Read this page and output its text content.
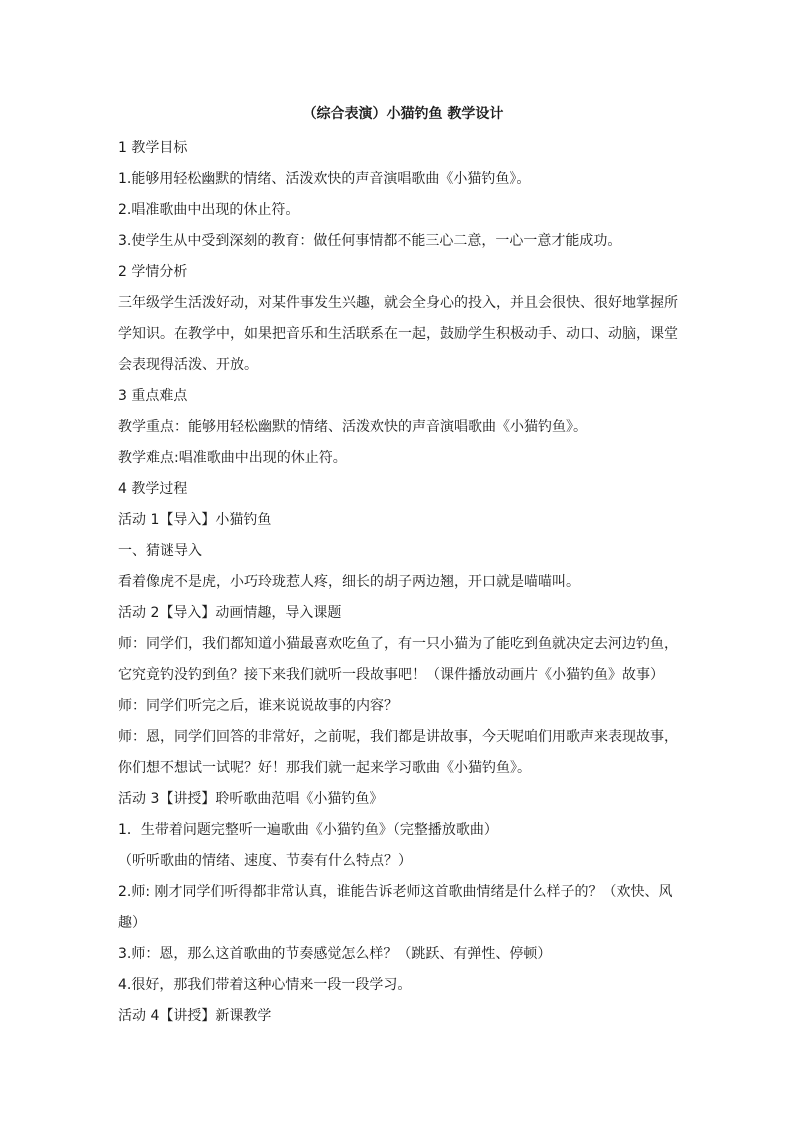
（综合表演）小猫钓鱼 教学设计
1 教学目标
1.能够用轻松幽默的情绪、活泼欢快的声音演唱歌曲《小猫钓鱼》。
2.唱准歌曲中出现的休止符。
3.使学生从中受到深刻的教育：做任何事情都不能三心二意，一心一意才能成功。
2 学情分析
三年级学生活泼好动，对某件事发生兴趣，就会全身心的投入，并且会很快、很好地掌握所
学知识。在教学中，如果把音乐和生活联系在一起，鼓励学生积极动手、动口、动脑，课堂
会表现得活泼、开放。
3 重点难点
教学重点：能够用轻松幽默的情绪、活泼欢快的声音演唱歌曲《小猫钓鱼》。
教学难点:唱准歌曲中出现的休止符。
4 教学过程
活动 1【导入】小猫钓鱼
一、猜谜导入
看着像虎不是虎，小巧玲珑惹人疼，细长的胡子两边翘，开口就是喵喵叫。
活动 2【导入】动画情趣，导入课题
师：同学们，我们都知道小猫最喜欢吃鱼了，有一只小猫为了能吃到鱼就决定去河边钓鱼，
它究竟钓没钓到鱼？接下来我们就听一段故事吧！（课件播放动画片《小猫钓鱼》故事）
师：同学们听完之后，谁来说说故事的内容？
师：恩，同学们回答的非常好，之前呢，我们都是讲故事，今天呢咱们用歌声来表现故事，
你们想不想试一试呢？好！那我们就一起来学习歌曲《小猫钓鱼》。
活动 3【讲授】聆听歌曲范唱《小猫钓鱼》
1．生带着问题完整听一遍歌曲《小猫钓鱼》（完整播放歌曲）
（听听歌曲的情绪、速度、节奏有什么特点？）
2.师: 刚才同学们听得都非常认真，谁能告诉老师这首歌曲情绪是什么样子的？（欢快、风
趣）
3.师：恩，那么这首歌曲的节奏感觉怎么样？（跳跃、有弹性、停顿）
4.很好，那我们带着这种心情来一段一段学习。
活动 4【讲授】新课教学
